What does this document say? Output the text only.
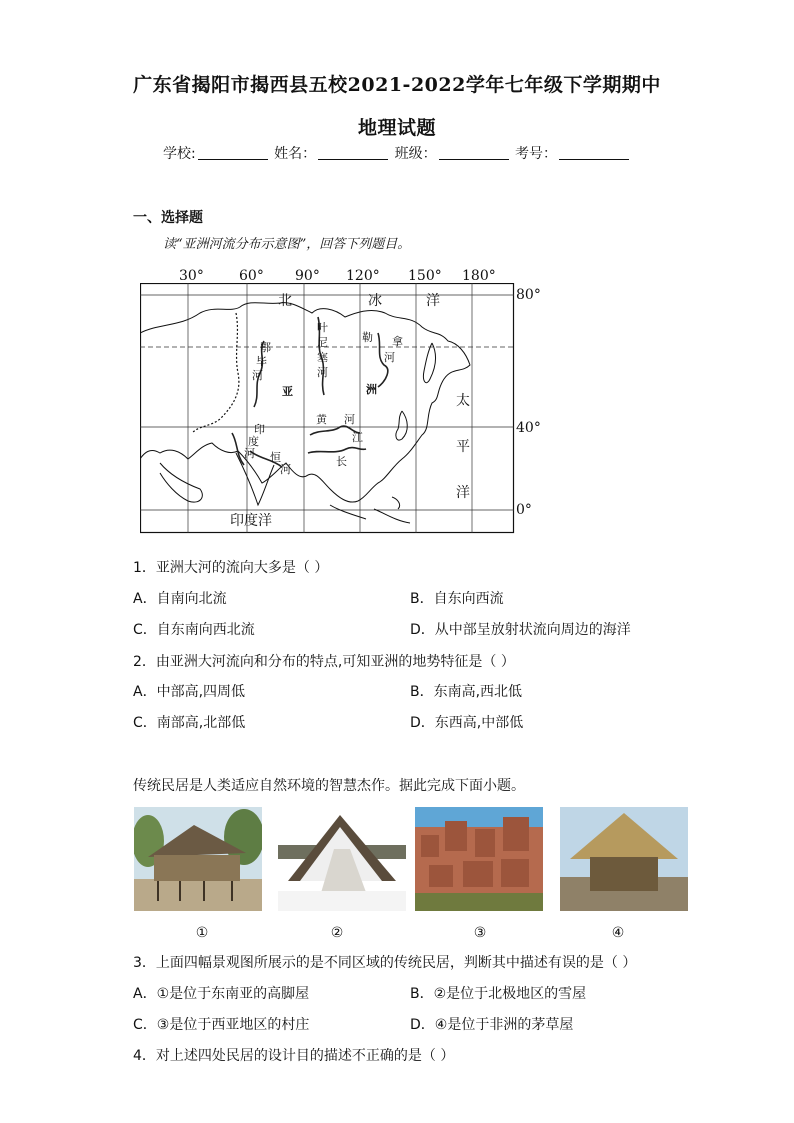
广东省揭阳市揭西县五校2021-2022学年七年级下学期期中
地理试题
学校:	姓名：	班级：	考号：
一、选择题
读“亚洲河流分布示意图”，回答下列题目。
30°	60° 90° 120° 150° 180°
80°
40°
0°
北	冰	洋
叶
尼
塞
河
勒 拿
河
鄂
毕
河
亚	洲
太
平
洋
印
度
河 恒
河
黄 河
长
江
印度洋
1．亚洲大河的流向大多是（ ）
A．自南向北流	B．自东向西流
C．自东南向西北流	D．从中部呈放射状流向周边的海洋
2．由亚洲大河流向和分布的特点,可知亚洲的地势特征是（ ）
A．中部高,四周低	B．东南高,西北低
C．南部高,北部低	D．东西高,中部低
传统民居是人类适应自然环境的智慧杰作。据此完成下面小题。
①	②	③	④
3．上面四幅景观图所展示的是不同区域的传统民居，判断其中描述有误的是（ ）
A．①是位于东南亚的高脚屋	B．②是位于北极地区的雪屋
C．③是位于西亚地区的村庄	D．④是位于非洲的茅草屋
4．对上述四处民居的设计目的描述不正确的是（ ）
